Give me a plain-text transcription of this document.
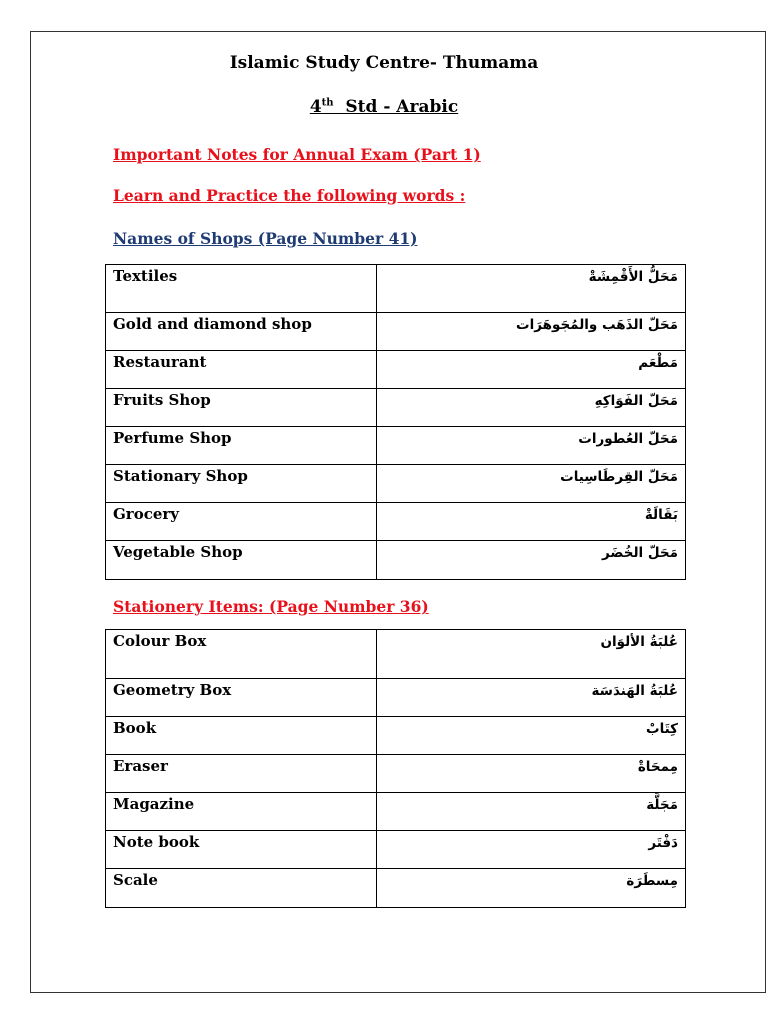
Islamic Study Centre- Thumama
4th  Std - Arabic
Important Notes for Annual Exam (Part 1)
Learn and Practice the following words :
Names of Shops (Page Number 41)
Textiles	مَحَلُّ الأَقْمِشَةْ
Gold and diamond shop	مَحَلّ الذَهَب والمُجَوهَرَات
Restaurant	مَطْعَم
Fruits Shop	مَحَلّ الفَوَاكِهِ
Perfume Shop	مَحَلّ العُطورات
Stationary Shop	مَحَلّ القِرطَاسِيات
Grocery	بَقَالَةْ
Vegetable Shop	مَحَلّ الخُضَر
Stationery Items: (Page Number 36)
Colour Box	عُلبَةُ الألوَان
Geometry Box	عُلبَةُ الهَندَسَة
Book	كِتَابْ
Eraser	مِمحَاةْ
Magazine	مَجَلَّة
Note book	دَفْتَر
Scale	مِسطَرَة
